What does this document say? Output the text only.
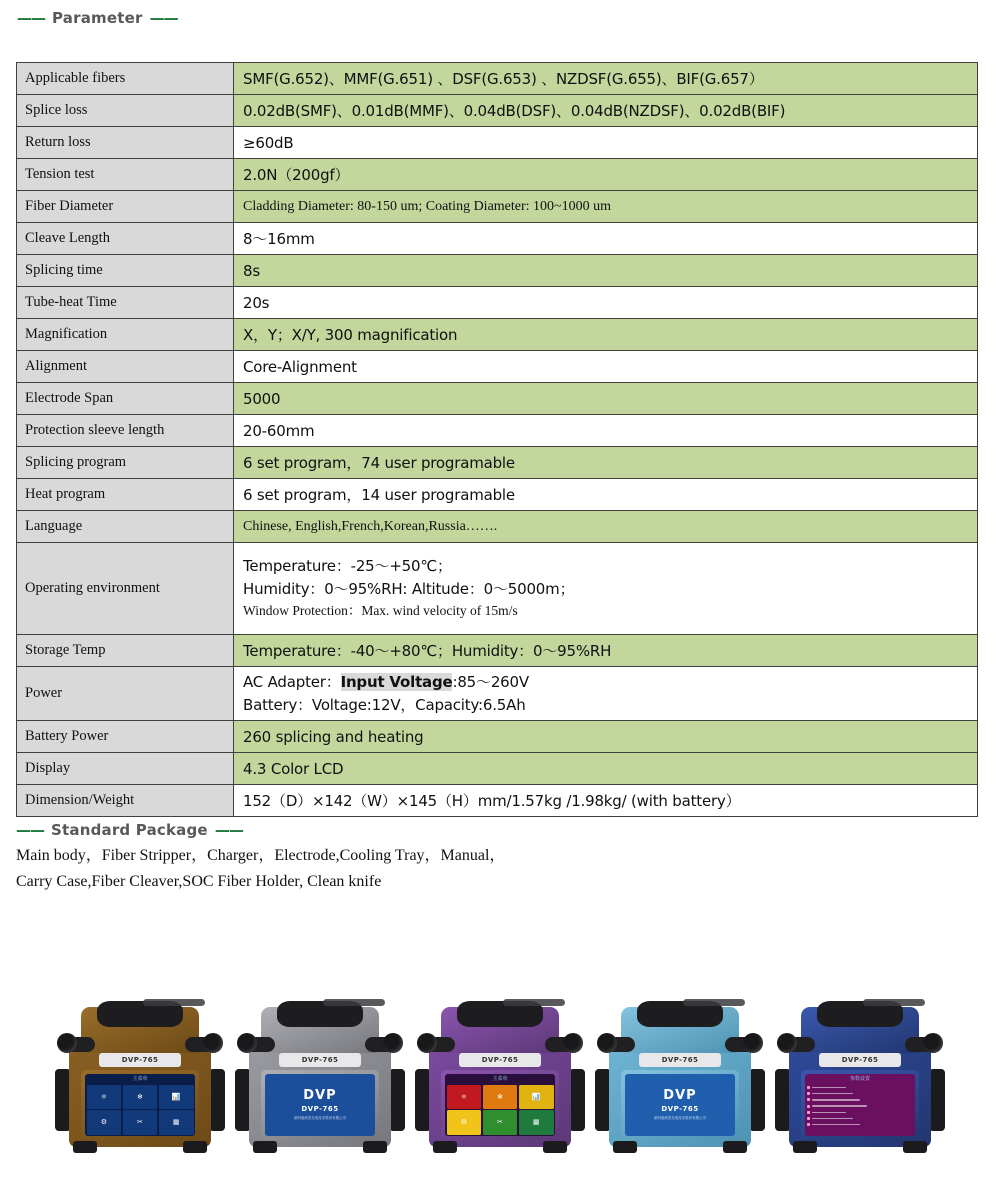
—— Parameter ——
Applicable fibers	SMF(G.652)、MMF(G.651) 、DSF(G.653) 、NZDSF(G.655)、BIF(G.657）
Splice loss	0.02dB(SMF)、0.01dB(MMF)、0.04dB(DSF)、0.04dB(NZDSF)、0.02dB(BIF)
Return loss	≥60dB
Tension test	2.0N（200gf）
Fiber Diameter	Cladding Diameter: 80-150 um; Coating Diameter: 100~1000 um
Cleave Length	8～16mm
Splicing time	8s
Tube-heat Time	20s
Magnification	X，Y；X/Y, 300 magnification
Alignment	Core-Alignment
Electrode Span	5000
Protection sleeve length	20-60mm
Splicing program	6 set program，74 user programable
Heat program	6 set program，14 user programable
Language	Chinese, English,French,Korean,Russia…….
Operating environment	Temperature：-25～+50℃；
Humidity：0～95%RH: Altitude：0～5000m；
Window Protection：Max. wind velocity of 15m/s

Storage Temp	Temperature：-40～+80℃；Humidity：0～95%RH
Power	AC Adapter：Input Voltage:85～260V
Battery：Voltage:12V，Capacity:6.5Ah

Battery Power	260 splicing and heating
Display	4.3 Color LCD
Dimension/Weight	152（D）×142（W）×145（H）mm/1.57kg /1.98kg/ (with battery）
—— Standard Package ——
Main body，Fiber Stripper，Charger，Electrode,Cooling Tray，Manual，
Carry Case,Fiber Cleaver,SOC Fiber Holder, Clean knife
DVP-765
主菜单
⚛	❄	📊
⚙	✂	▦
DVP-765
DVP
DVP-765
深圳迪威普光电技术股份有限公司
DVP-765
主菜单
⚛	❄	📊
⚙	✂	▦
DVP-765
DVP
DVP-765
深圳迪威普光电技术股份有限公司
DVP-765
参数设置
